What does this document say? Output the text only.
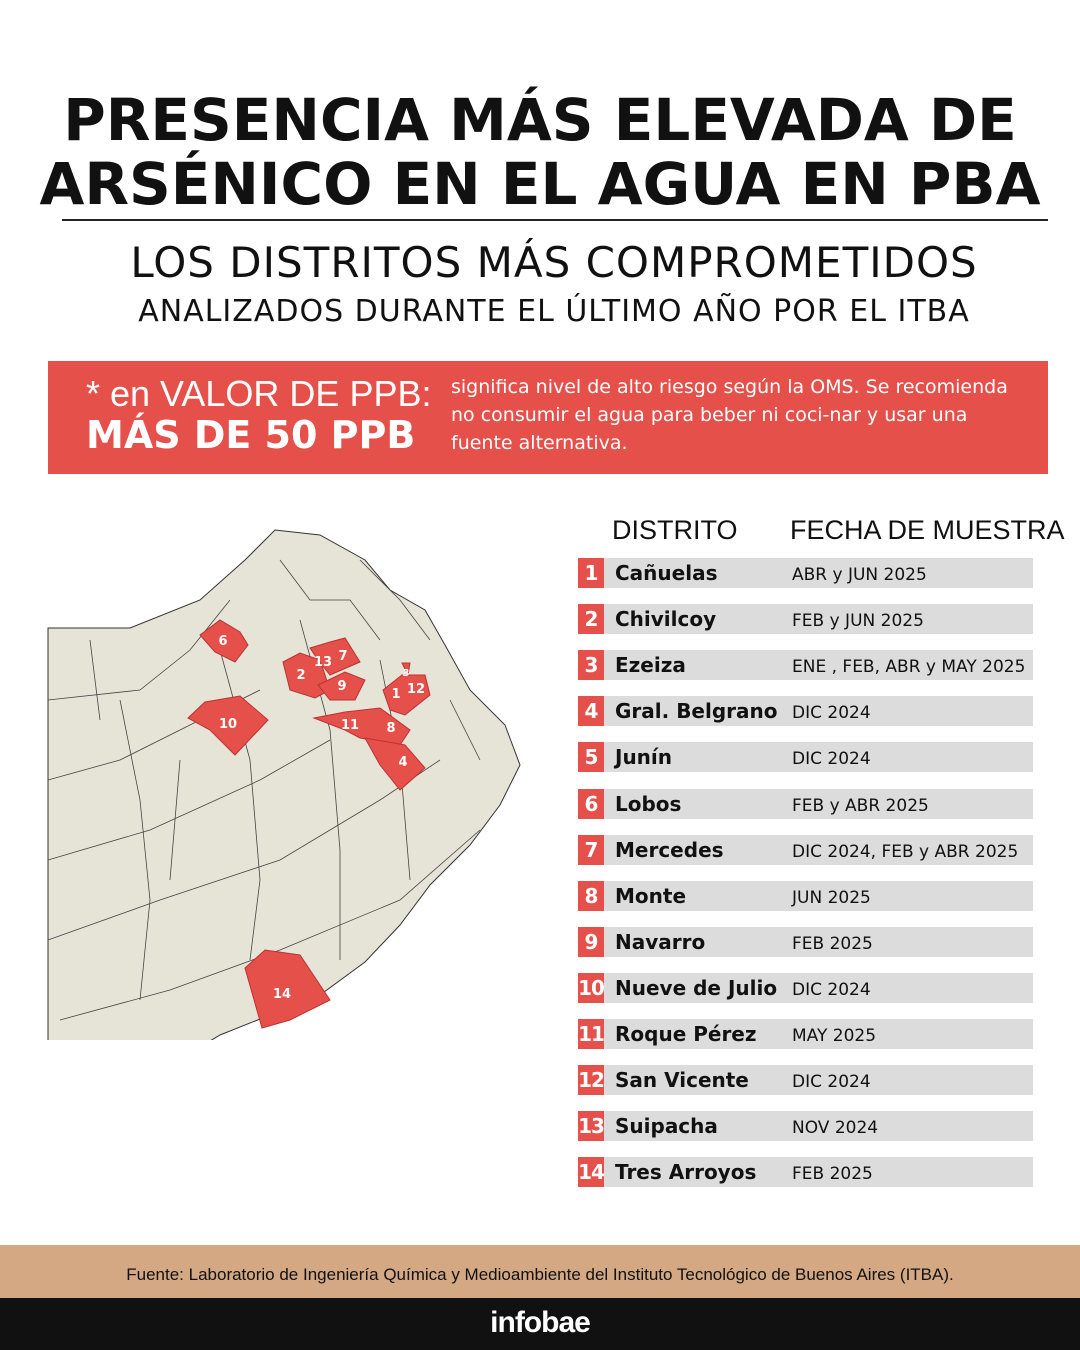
PRESENCIA MÁS ELEVADA DE
ARSÉNICO EN EL AGUA EN PBA
LOS DISTRITOS MÁS COMPROMETIDOS
ANALIZADOS DURANTE EL ÚLTIMO AÑO POR EL ITBA
* en VALOR DE PPB:
MÁS DE 50 PPB
significa nivel de alto riesgo según la OMS. Se recomienda no consumir el agua para beber ni coci-nar y usar una fuente alternativa.
6
2
13 7
9
3
1 12
10	11 8
4
14
DISTRITO FECHA DE MUESTRA
1 Cañuelas	ABR y JUN 2025
2 Chivilcoy	FEB y JUN 2025
3 Ezeiza	ENE , FEB, ABR y MAY 2025
4 Gral. Belgrano DIC 2024
5 Junín	DIC 2024
6 Lobos	FEB y ABR 2025
7 Mercedes	DIC 2024, FEB y ABR 2025
8 Monte	JUN 2025
9 Navarro	FEB 2025
10 Nueve de Julio DIC 2024
11 Roque Pérez MAY 2025
12 San Vicente	DIC 2024
13 Suipacha	NOV 2024
14 Tres Arroyos FEB 2025
Fuente: Laboratorio de Ingeniería Química y Medioambiente del Instituto Tecnológico de Buenos Aires (ITBA).
infobae
